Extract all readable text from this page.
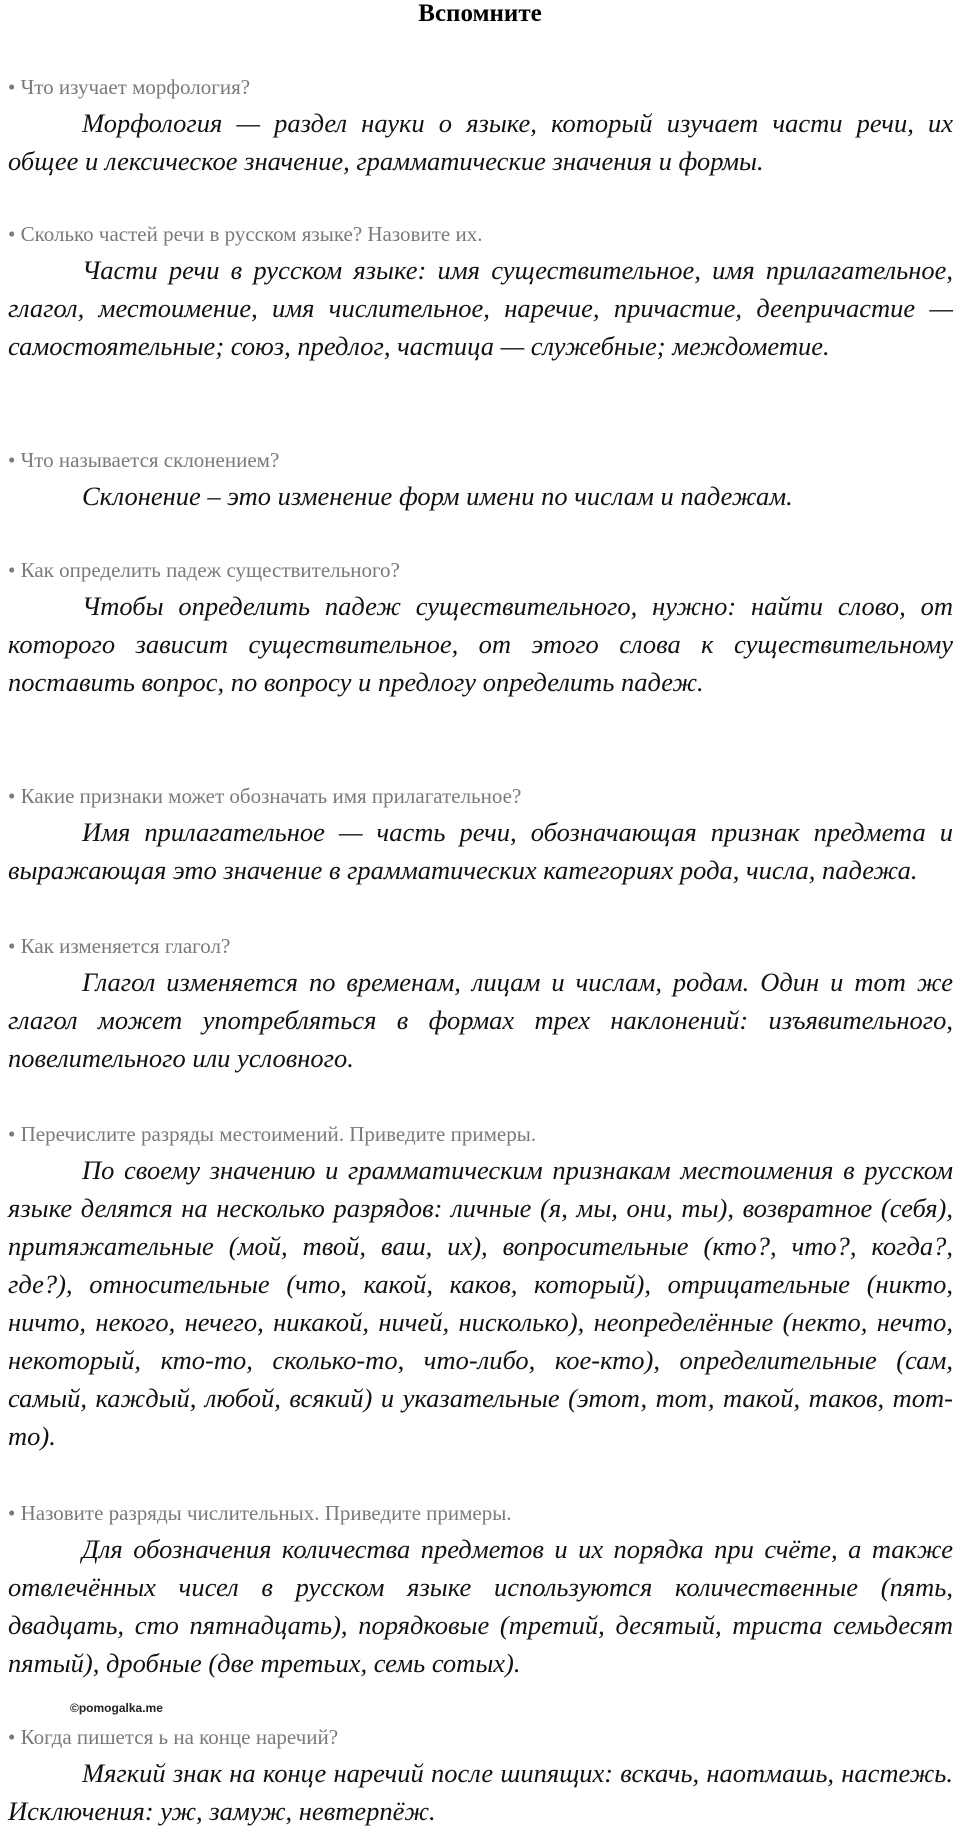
Вспомните
• Что изучает морфология?
Морфология — раздел науки о языке, который изучает части речи, их общее и лексическое значение, грамматические значения и формы.
• Сколько частей речи в русском языке? Назовите их.
Части речи в русском языке: имя существительное, имя прилагательное, глагол, местоимение, имя числительное, наречие, причастие, деепричастие — самостоятельные; союз, предлог, частица — служебные; междометие.
• Что называется склонением?
Склонение – это изменение форм имени по числам и падежам.
• Как определить падеж существительного?
Чтобы определить падеж существительного, нужно: найти слово, от которого зависит существительное, от этого слова к существительному поставить вопрос, по вопросу и предлогу определить падеж.
• Какие признаки может обозначать имя прилагательное?
Имя прилагательное — часть речи, обозначающая признак предмета и выражающая это значение в грамматических категориях рода, числа, падежа.
• Как изменяется глагол?
Глагол изменяется по временам, лицам и числам, родам. Один и тот же глагол может употребляться в формах трех наклонений: изъявительного, повелительного или условного.
• Перечислите разряды местоимений. Приведите примеры.
По своему значению и грамматическим признакам местоимения в русском языке делятся на несколько разрядов: личные (я, мы, они, ты), возвратное (себя), притяжательные (мой, твой, ваш, их), вопросительные (кто?, что?, когда?, где?), относительные (что, какой, каков, который), отрицательные (никто, ничто, некого, нечего, никакой, ничей, нисколько), неопределённые (некто, нечто, некоторый, кто-то, сколько-то, что-либо, кое-кто), определительные (сам, самый, каждый, любой, всякий) и указательные (этот, тот, такой, таков, тот-то).
• Назовите разряды числительных. Приведите примеры.
Для обозначения количества предметов и их порядка при счёте, а также отвлечённых чисел в русском языке используются количественные (пять, двадцать, сто пятнадцать), порядковые (третий, десятый, триста семьдесят пятый), дробные (две третьих, семь сотых).
©pomogalka.me
• Когда пишется ь на конце наречий?
Мягкий знак на конце наречий после шипящих: вскачь, наотмашь, настежь. Исключения: уж, замуж, невтерпёж.
